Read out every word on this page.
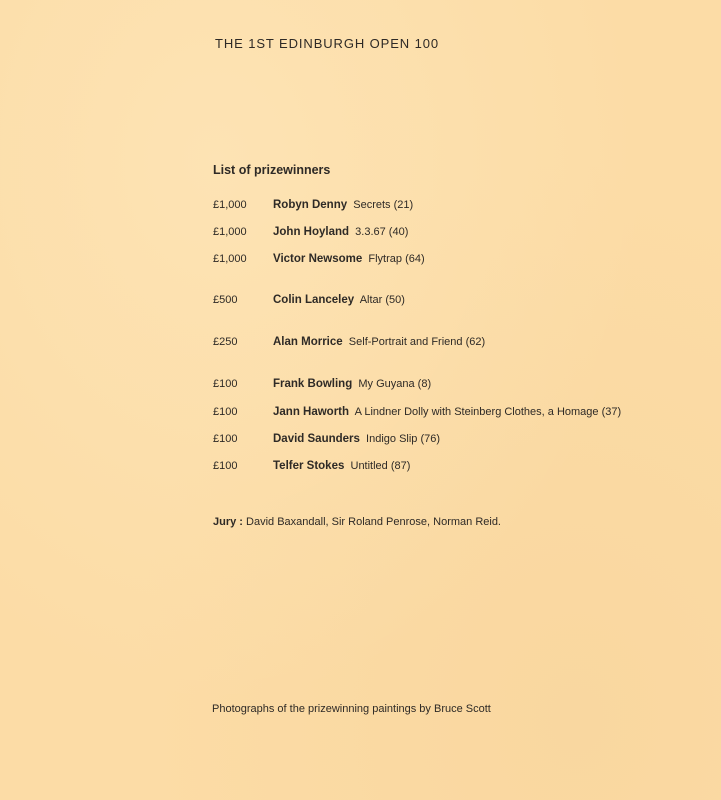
THE 1ST EDINBURGH OPEN 100
List of prizewinners
£1,000	Robyn Denny Secrets (21)
£1,000	John Hoyland 3.3.67 (40)
£1,000	Victor Newsome Flytrap (64)
£500	Colin Lanceley Altar (50)
£250	Alan Morrice Self-Portrait and Friend (62)
£100	Frank Bowling My Guyana (8)
£100	Jann Haworth A Lindner Dolly with Steinberg Clothes, a Homage (37)
£100	David Saunders Indigo Slip (76)
£100	Telfer Stokes Untitled (87)
Jury : David Baxandall, Sir Roland Penrose, Norman Reid.
Photographs of the prizewinning paintings by Bruce Scott
